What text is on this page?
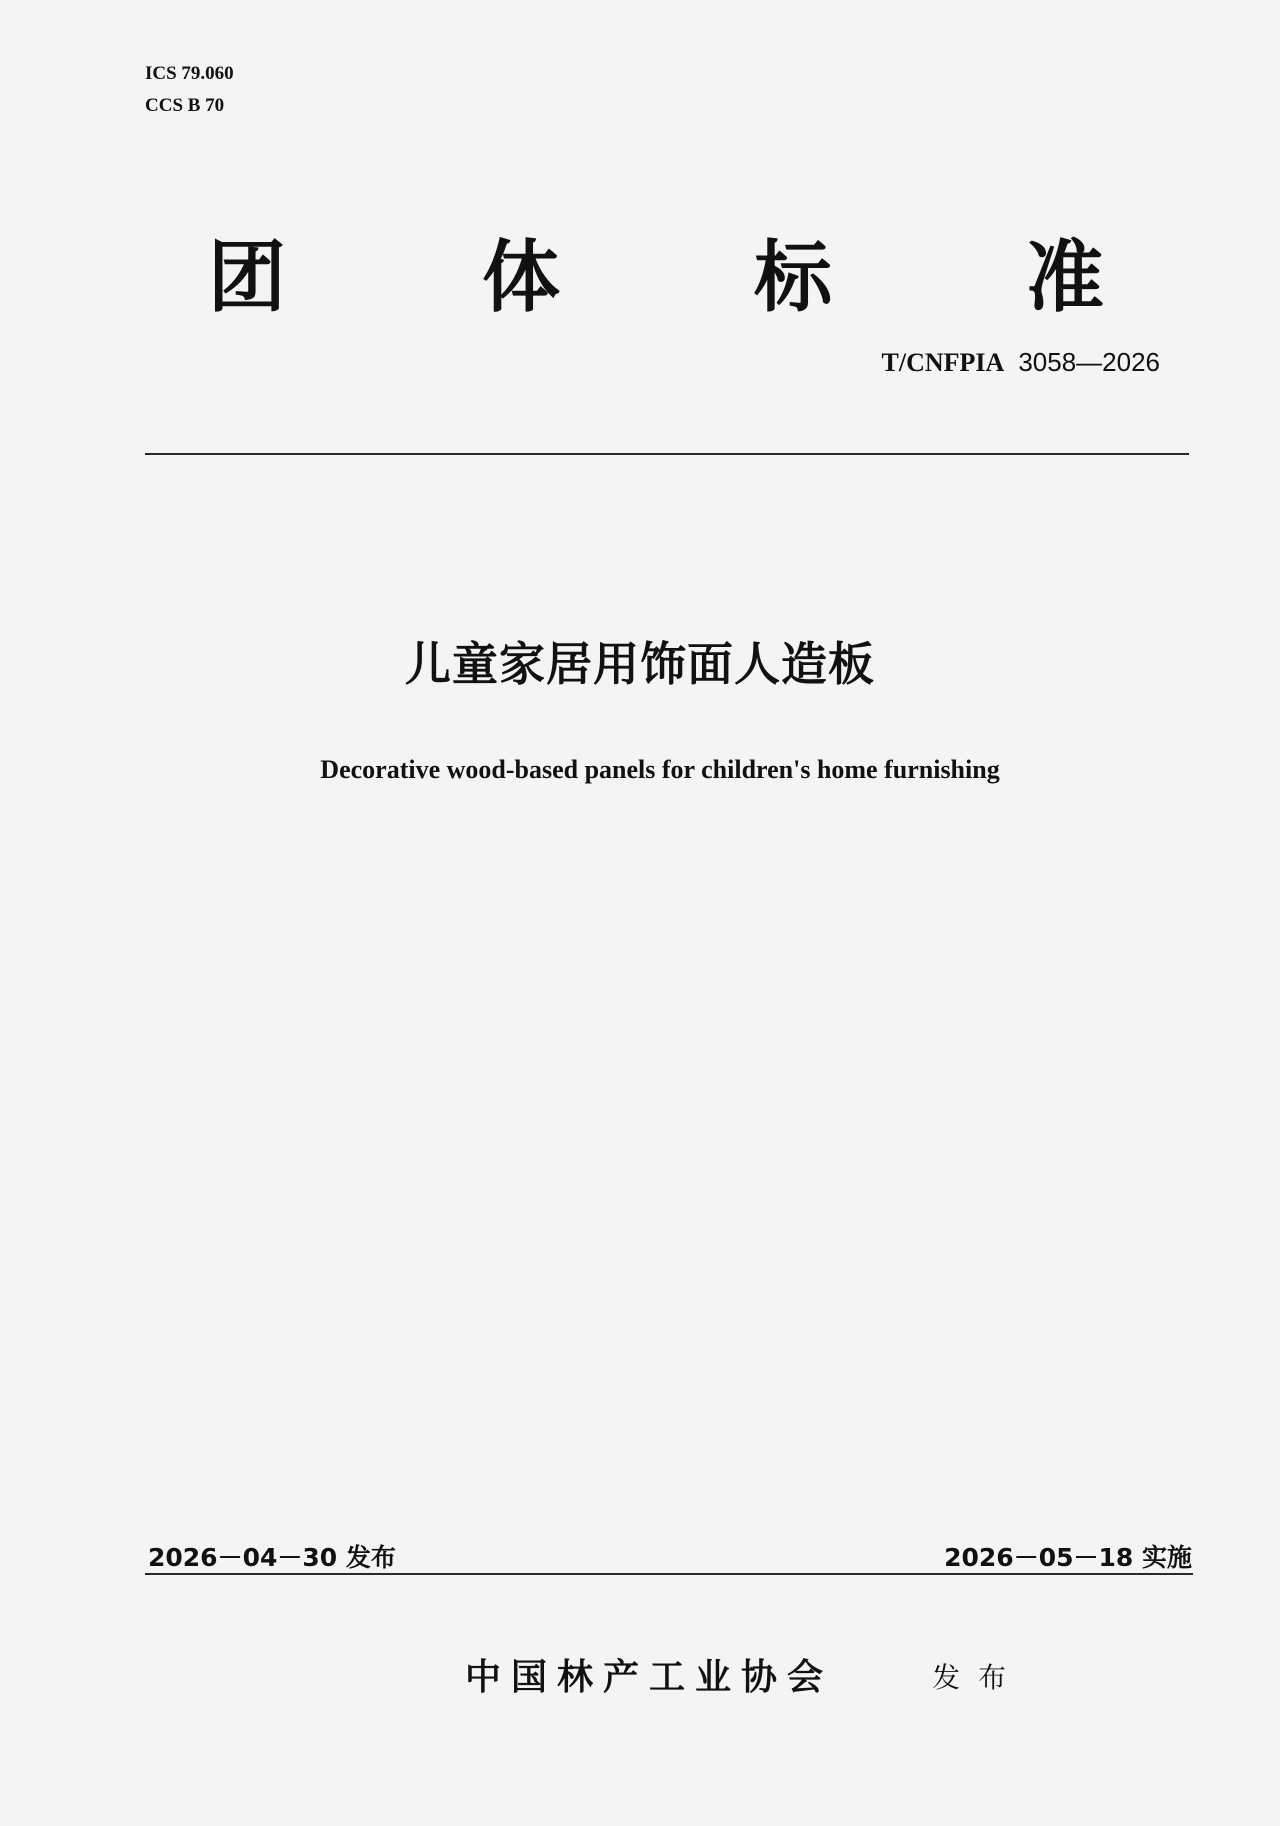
ICS 79.060
CCS B 70
团	体 标 准
T/CNFPIA 3058—2026
儿童家居用饰面人造板
Decorative wood-based panels for children's home furnishing
2026－04－30 发布	2026－05－18 实施
中国林产工业协会	发布
